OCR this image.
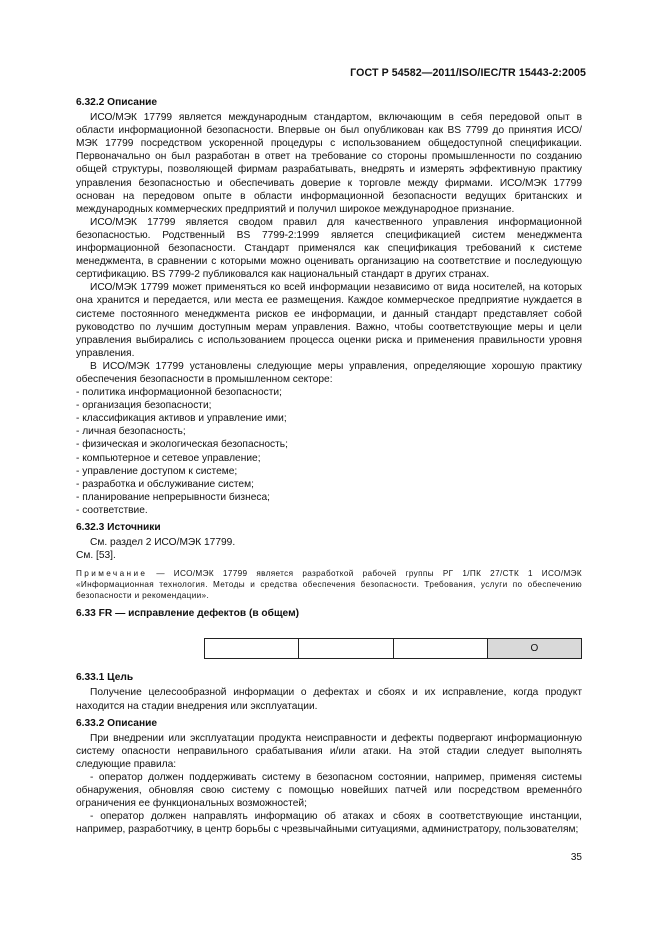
ГОСТ Р 54582—2011/ISO/IEC/TR 15443-2:2005

6.32.2 Описание

ИСО/МЭК 17799 является международным стандартом, включающим в себя передовой опыт в области информационной безопасности. Впервые он был опубликован как BS 7799 до принятия ИСО/МЭК 17799 посредством ускоренной процедуры с использованием общедоступной спецификации. Первоначально он был разработан в ответ на требование со стороны промышленности по созданию общей структуры, позволяющей фирмам разрабатывать, внедрять и измерять эффективную практику управления безопасностью и обеспечивать доверие к торговле между фирмами. ИСО/МЭК 17799 основан на передовом опыте в области информационной безопасности ведущих британских и международных коммерческих предприятий и получил широкое международное признание.

ИСО/МЭК 17799 является сводом правил для качественного управления информационной безопасностью. Родственный BS 7799-2:1999 является спецификацией систем менеджмента информационной безопасности. Стандарт применялся как спецификация требований к системе менеджмента, в сравнении с которыми можно оценивать организацию на соответствие и последующую сертификацию. BS 7799-2 публиковался как национальный стандарт в других странах.

ИСО/МЭК 17799 может применяться ко всей информации независимо от вида носителей, на которых она хранится и передается, или места ее размещения. Каждое коммерческое предприятие нуждается в системе постоянного менеджмента рисков ее информации, и данный стандарт представляет собой руководство по лучшим доступным мерам управления. Важно, чтобы соответствующие меры и цели управления выбирались с использованием процесса оценки риска и применения правильности уровня управления.

В ИСО/МЭК 17799 установлены следующие меры управления, определяющие хорошую практику обеспечения безопасности в промышленном секторе:

- политика информационной безопасности;
- организация безопасности;
- классификация активов и управление ими;
- личная безопасность;
- физическая и экологическая безопасность;
- компьютерное и сетевое управление;
- управление доступом к системе;
- разработка и обслуживание систем;
- планирование непрерывности бизнеса;
- соответствие.

6.32.3 Источники

См. раздел 2 ИСО/МЭК 17799.

См. [53].

Примечание — ИСО/МЭК 17799 является разработкой рабочей группы РГ 1/ПК 27/СТК 1 ИСО/МЭК «Информационная технология. Методы и средства обеспечения безопасности. Требования, услуги по обеспечению безопасности и рекомендации».

6.33 FR — исправление дефектов (в общем)

			O

6.33.1 Цель

Получение целесообразной информации о дефектах и сбоях и их исправление, когда продукт находится на стадии внедрения или эксплуатации.

6.33.2 Описание

При внедрении или эксплуатации продукта неисправности и дефекты подвергают информационную систему опасности неправильного срабатывания и/или атаки. На этой стадии следует выполнять следующие правила:

- оператор должен поддерживать систему в безопасном состоянии, например, применяя системы обнаружения, обновляя свою систему с помощью новейших патчей или посредством временнóго ограничения ее функциональных возможностей;

- оператор должен направлять информацию об атаках и сбоях в соответствующие инстанции, например, разработчику, в центр борьбы с чрезвычайными ситуациями, администратору, пользователям;

35
